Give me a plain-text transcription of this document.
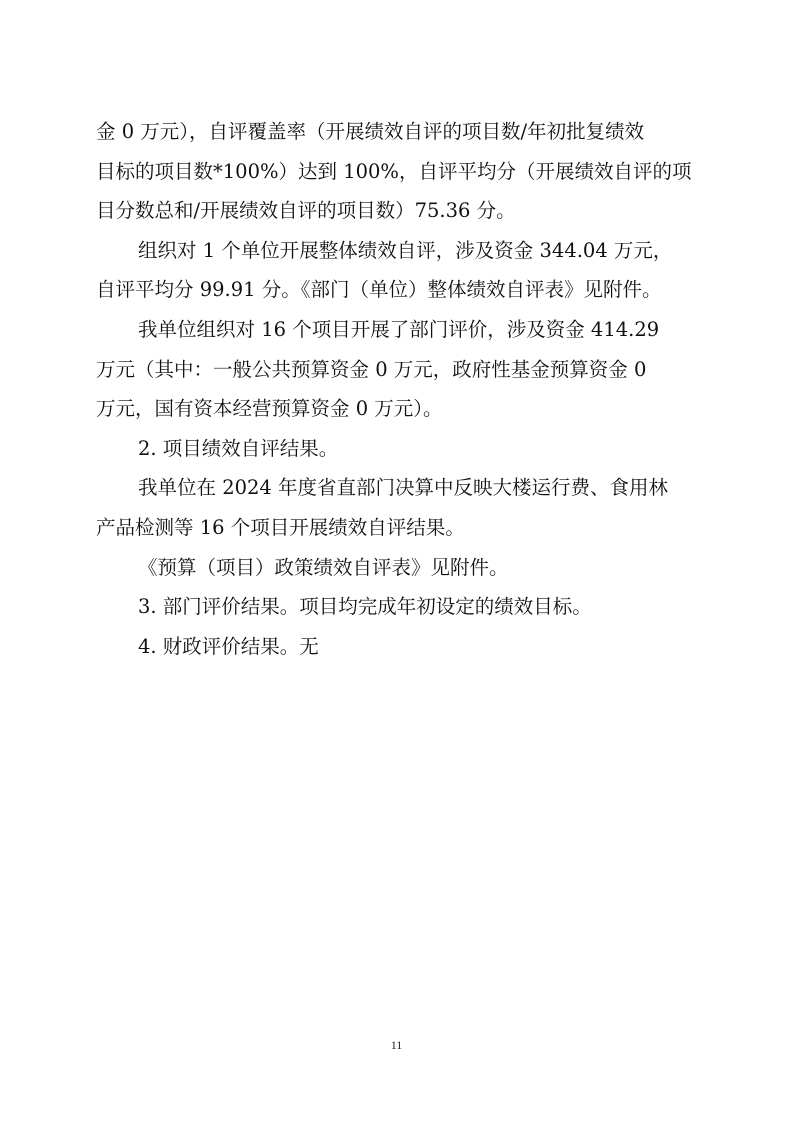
金 0 万元），自评覆盖率（开展绩效自评的项目数/年初批复绩效
目标的项目数*100%）达到 100%，自评平均分（开展绩效自评的项
目分数总和/开展绩效自评的项目数）75.36 分。
组织对 1 个单位开展整体绩效自评，涉及资金 344.04 万元，
自评平均分 99.91 分。《部门（单位）整体绩效自评表》见附件。
我单位组织对 16 个项目开展了部门评价，涉及资金 414.29
万元（其中：一般公共预算资金 0 万元，政府性基金预算资金 0
万元，国有资本经营预算资金 0 万元）。
2. 项目绩效自评结果。
我单位在 2024 年度省直部门决算中反映大楼运行费、食用林
产品检测等 16 个项目开展绩效自评结果。
《预算（项目）政策绩效自评表》见附件。
3. 部门评价结果。项目均完成年初设定的绩效目标。
4. 财政评价结果。无
11
